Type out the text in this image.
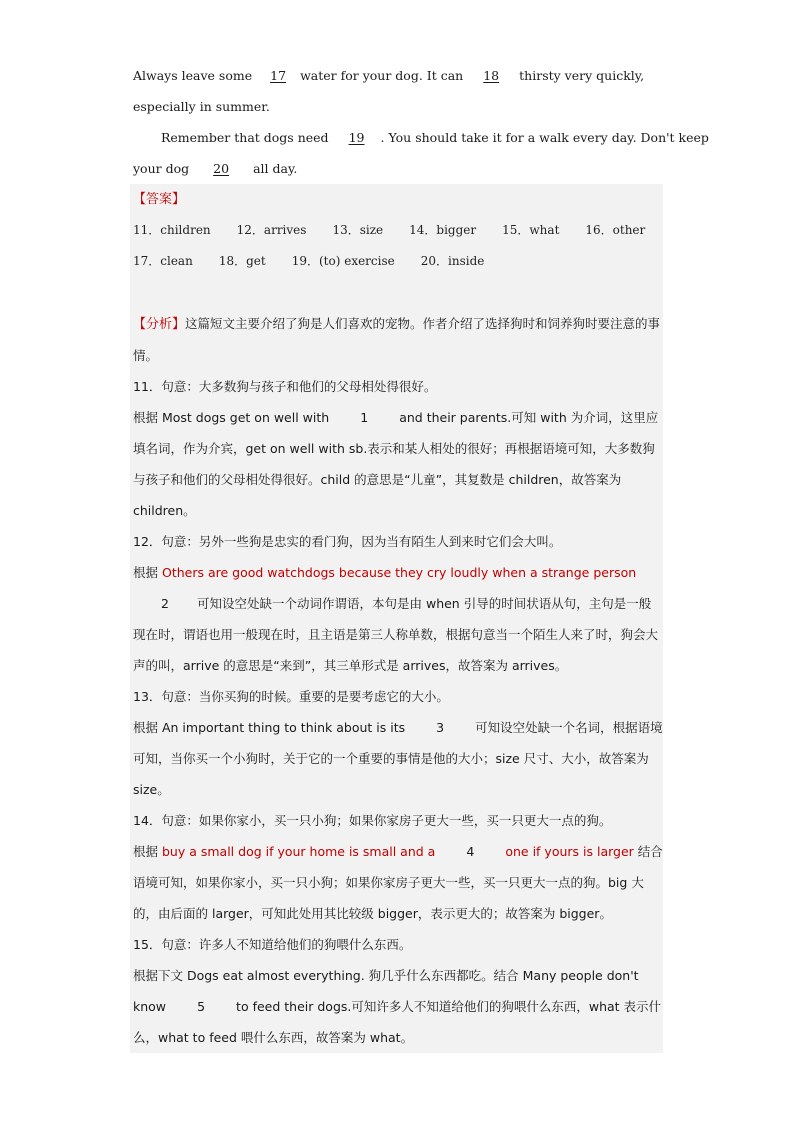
Always leave some 17 water for your dog. It can 18 thirsty very quickly,
especially in summer.
Remember that dogs need 19 . You should take it for a walk every day. Don't keep
your dog 20 all day.
【答案】
11．children 12．arrives 13．size 14．bigger 15．what 16．other
17．clean 18．get 19．(to) exercise 20．inside
【分析】这篇短文主要介绍了狗是人们喜欢的宠物。作者介绍了选择狗时和饲养狗时要注意的事情。
11．句意：大多数狗与孩子和他们的父母相处得很好。
根据 Most dogs get on well with 1 and their parents.可知 with 为介词，这里应填名词，作为介宾，get on well with sb.表示和某人相处的很好；再根据语境可知，大多数狗与孩子和他们的父母相处得很好。child 的意思是“儿童”，其复数是 children，故答案为 children。
12．句意：另外一些狗是忠实的看门狗，因为当有陌生人到来时它们会大叫。
根据 Others are good watchdogs because they cry loudly when a strange person2 可知设空处缺一个动词作谓语，本句是由 when 引导的时间状语从句，主句是一般现在时，谓语也用一般现在时，且主语是第三人称单数，根据句意当一个陌生人来了时，狗会大声的叫，arrive 的意思是“来到”，其三单形式是 arrives，故答案为 arrives。
13．句意：当你买狗的时候。重要的是要考虑它的大小。
根据 An important thing to think about is its 3 可知设空处缺一个名词，根据语境可知，当你买一个小狗时，关于它的一个重要的事情是他的大小；size 尺寸、大小，故答案为 size。
14．句意：如果你家小，买一只小狗；如果你家房子更大一些，买一只更大一点的狗。
根据 buy a small dog if your home is small and a 4 one if yours is larger 结合语境可知，如果你家小，买一只小狗；如果你家房子更大一些，买一只更大一点的狗。big 大的，由后面的 larger，可知此处用其比较级 bigger，表示更大的；故答案为 bigger。
15．句意：许多人不知道给他们的狗喂什么东西。
根据下文 Dogs eat almost everything. 狗几乎什么东西都吃。结合 Many people don't know 5 to feed their dogs.可知许多人不知道给他们的狗喂什么东西，what 表示什么，what to feed 喂什么东西，故答案为 what。
